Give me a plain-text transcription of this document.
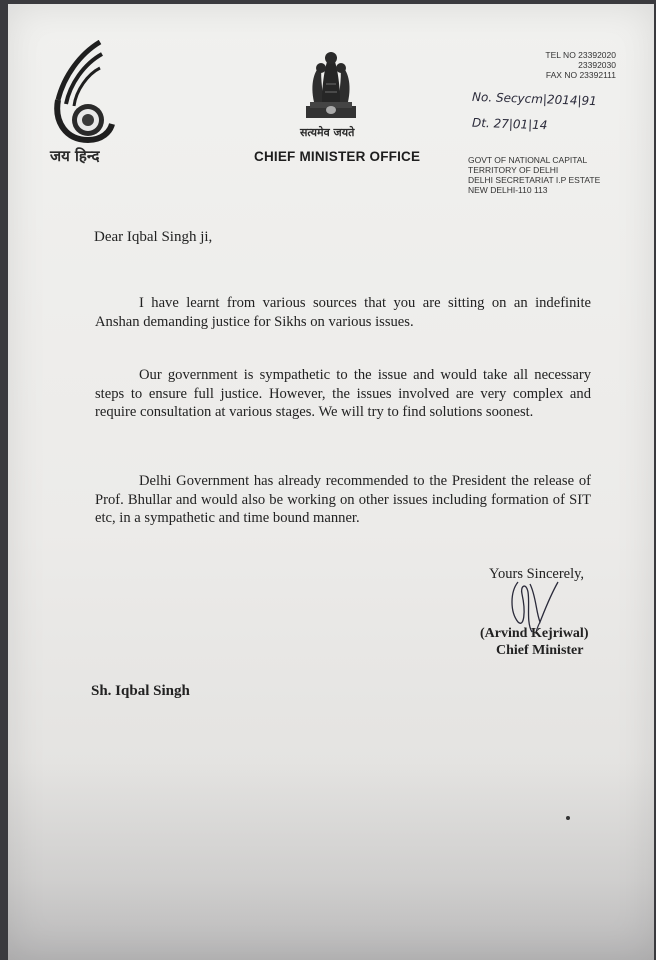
जय हिन्द
सत्यमेव जयते
CHIEF MINISTER OFFICE
TEL NO 23392020
23392030
FAX NO 23392111
No. Secycm|2014|91
Dt. 27|01|14
GOVT OF NATIONAL CAPITAL
TERRITORY OF DELHI
DELHI SECRETARIAT I.P ESTATE
NEW DELHI-110 113
Dear Iqbal Singh ji,

I have learnt from various sources that you are sitting on an indefinite Anshan demanding justice for Sikhs on various issues.

Our government is sympathetic to the issue and would take all necessary steps to ensure full justice. However, the issues involved are very complex and require consultation at various stages. We will try to find solutions soonest.

Delhi Government has already recommended to the President the release of Prof. Bhullar and would also be working on other issues including formation of SIT etc, in a sympathetic and time bound manner.

Yours Sincerely,
(Arvind Kejriwal)
Chief Minister
Sh. Iqbal Singh
